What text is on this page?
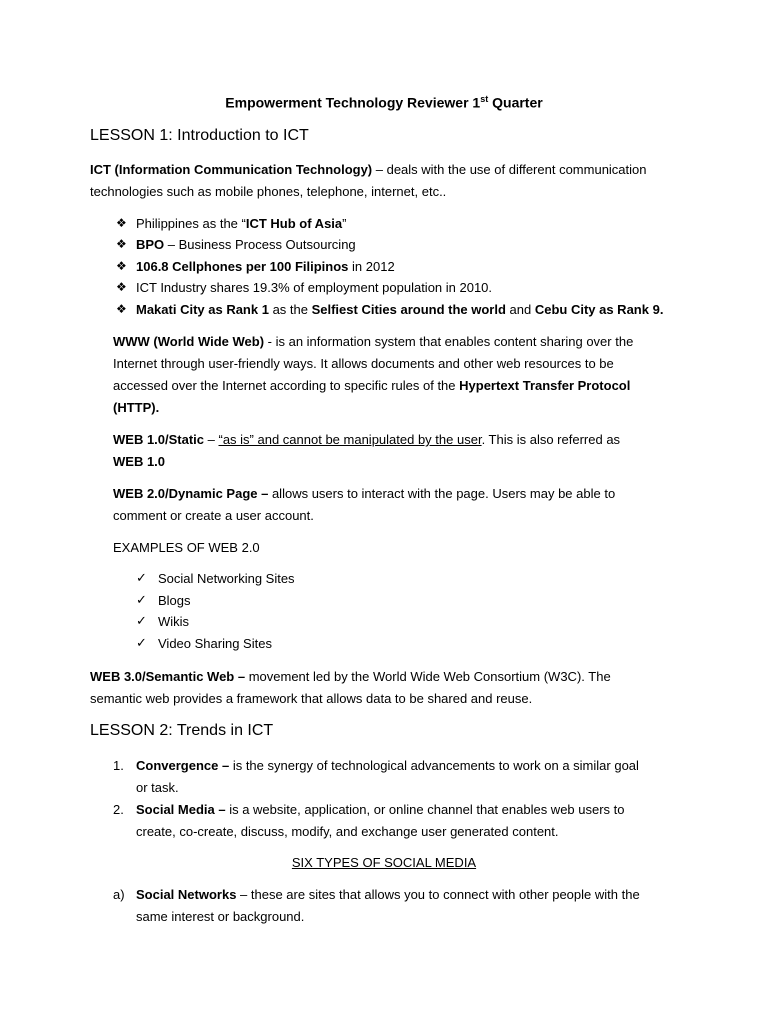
Empowerment Technology Reviewer 1st Quarter
LESSON 1: Introduction to ICT
ICT (Information Communication Technology) – deals with the use of different communication
technologies such as mobile phones, telephone, internet, etc..
❖ Philippines as the “ICT Hub of Asia”
❖ BPO – Business Process Outsourcing
❖ 106.8 Cellphones per 100 Filipinos in 2012
❖ ICT Industry shares 19.3% of employment population in 2010.
❖ Makati City as Rank 1 as the Selfiest Cities around the world and Cebu City as Rank 9.
WWW (World Wide Web) - is an information system that enables content sharing over the
Internet through user-friendly ways. It allows documents and other web resources to be
accessed over the Internet according to specific rules of the Hypertext Transfer Protocol
(HTTP).
WEB 1.0/Static – “as is” and cannot be manipulated by the user. This is also referred as
WEB 1.0
WEB 2.0/Dynamic Page – allows users to interact with the page. Users may be able to
comment or create a user account.
EXAMPLES OF WEB 2.0
✓ Social Networking Sites
✓ Blogs
✓ Wikis
✓ Video Sharing Sites
WEB 3.0/Semantic Web – movement led by the World Wide Web Consortium (W3C). The
semantic web provides a framework that allows data to be shared and reuse.
LESSON 2: Trends in ICT
1. Convergence – is the synergy of technological advancements to work on a similar goal
or task.
2. Social Media – is a website, application, or online channel that enables web users to
create, co-create, discuss, modify, and exchange user generated content.
SIX TYPES OF SOCIAL MEDIA
a) Social Networks – these are sites that allows you to connect with other people with the
same interest or background.
